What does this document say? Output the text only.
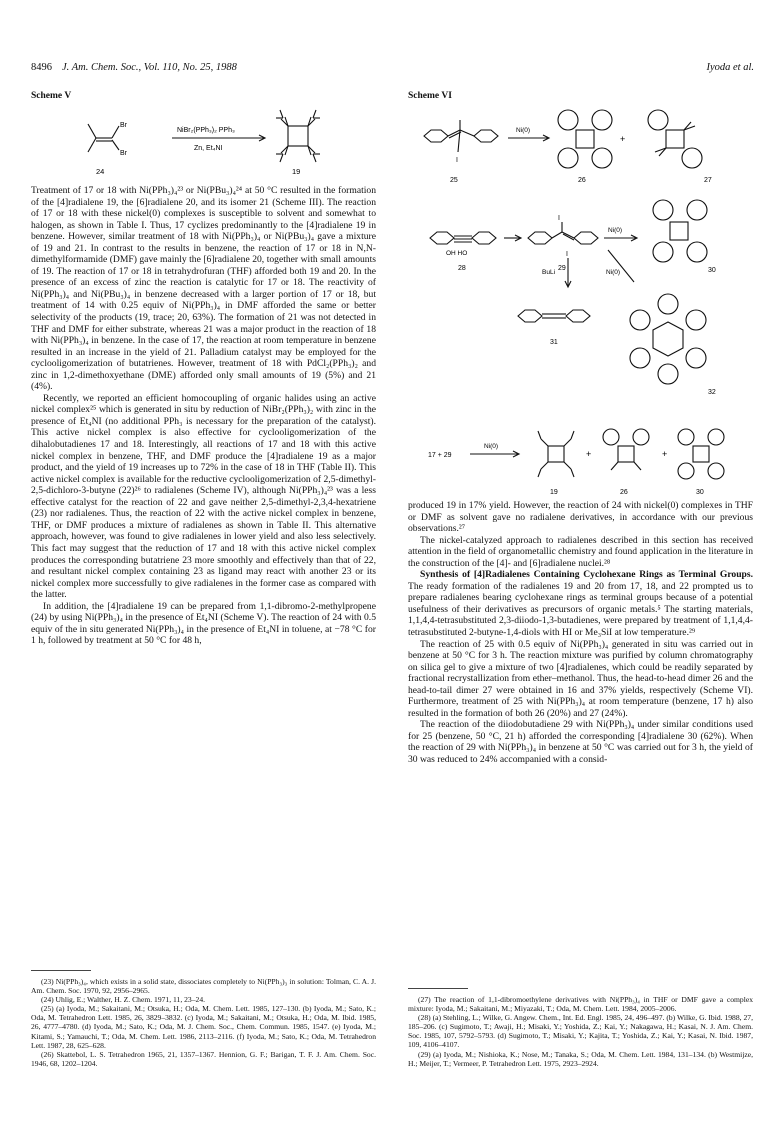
8496 J. Am. Chem. Soc., Vol. 110, No. 25, 1988	Iyoda et al.
Scheme V
Br
Br
NiBr₂(PPh₃)₂ PPh₃
Zn, Et₄NI
24	19

Treatment of 17 or 18 with Ni(PPh₃)₄²³ or Ni(PBu₃)₄²⁴ at 50 °C resulted in the formation of the [4]radialene 19, the [6]radialene 20, and its isomer 21 (Scheme III). The reaction of 17 or 18 with these nickel(0) complexes is susceptible to solvent and somewhat to halogen, as shown in Table I. Thus, 17 cyclizes predominantly to the [4]radialene 19 in benzene. However, similar treatment of 18 with Ni(PPh₃)₄ or Ni(PBu₃)₄ gave a mixture of 19 and 21. In contrast to the results in benzene, the reaction of 17 or 18 in N,N-dimethylformamide (DMF) gave mainly the [6]radialene 20, together with small amounts of 19. The reaction of 17 or 18 in tetrahydrofuran (THF) afforded both 19 and 20. In the presence of an excess of zinc the reaction is catalytic for 17 or 18. The reactivity of Ni(PPh₃)₄ and Ni(PBu₃)₄ in benzene decreased with a larger portion of 17 or 18, but treatment of 14 with 0.25 equiv of Ni(PPh₃)₄ in DMF afforded the same or better selectivity of the products (19, trace; 20, 63%). The formation of 21 was not detected in THF and DMF for either substrate, whereas 21 was a major product in the reaction of 18 with Ni(PPh₃)₄ in benzene. In the case of 17, the reaction at room temperature in benzene resulted in an increase in the yield of 21. Palladium catalyst may be employed for the cyclooligomerization of butatrienes. However, treatment of 18 with PdCl₂(PPh₃)₂ and zinc in 1,2-dimethoxyethane (DME) afforded only small amounts of 19 (5%) and 21 (4%).

Recently, we reported an efficient homocoupling of organic halides using an active nickel complex²⁵ which is generated in situ by reduction of NiBr₂(PPh₃)₂ with zinc in the presence of Et₄NI (no additional PPh₃ is necessary for the preparation of the catalyst). This active nickel complex is also effective for cyclooligomerization of the dihalobutadienes 17 and 18. Interestingly, all reactions of 17 and 18 with this active nickel complex in benzene, THF, and DMF produce the [4]radialene 19 as a major product, and the yield of 19 increases up to 72% in the case of 18 in THF (Table II). This active nickel complex is available for the reductive cyclooligomerization of 2,5-dimethyl-2,5-dichloro-3-butyne (22)²⁶ to radialenes (Scheme IV), although Ni(PPh₃)₄²³ was a less effective catalyst for the reaction of 22 and gave neither 2,5-dimethyl-2,3,4-hexatriene (23) nor radialenes. Thus, the reaction of 22 with the active nickel complex in benzene, THF, or DMF produces a mixture of radialenes as shown in Table II. This alternative approach, however, was found to give radialenes in lower yield and also less selectively. This fact may suggest that the reduction of 17 and 18 with this active nickel complex produces the corresponding butatriene 23 more smoothly and effectively than that of 22, and resultant nickel complex containing 23 as ligand may react with another 23 or its nickel complex more successfully to give radialenes in the former case as compared with the latter.

In addition, the [4]radialene 19 can be prepared from 1,1-dibromo-2-methylpropene (24) by using Ni(PPh₃)₄ in the presence of Et₄NI (Scheme V). The reaction of 24 with 0.5 equiv of the in situ generated Ni(PPh₃)₄ in the presence of Et₄NI in toluene, at −78 °C for 1 h, followed by treatment at 50 °C for 48 h,

(23) Ni(PPh₃)₄, which exists in a solid state, dissociates completely to Ni(PPh₃)₃ in solution: Tolman, C. A. J. Am. Chem. Soc. 1970, 92, 2956–2965.

(24) Uhlig, E.; Walther, H. Z. Chem. 1971, 11, 23–24.

(25) (a) Iyoda, M.; Sakaitani, M.; Otsuka, H.; Oda, M. Chem. Lett. 1985, 127–130. (b) Iyoda, M.; Sato, K.; Oda, M. Tetrahedron Lett. 1985, 26, 3829–3832. (c) Iyoda, M.; Sakaitani, M.; Otsuka, H.; Oda, M. Ibid. 1985, 26, 4777–4780. (d) Iyoda, M.; Sato, K.; Oda, M. J. Chem. Soc., Chem. Commun. 1985, 1547. (e) Iyoda, M.; Kitami, S.; Yamauchi, T.; Oda, M. Chem. Lett. 1986, 2113–2116. (f) Iyoda, M.; Sato, K.; Oda, M. Tetrahedron Lett. 1987, 28, 625–628.

(26) Skattebol, L. S. Tetrahedron 1965, 21, 1357–1367. Hennion, G. F.; Barigan, T. F. J. Am. Chem. Soc. 1946, 68, 1202–1204.

Scheme VI
I
Ni(0)
+
25	26	27
OH HO
I
I
Ni(0)
28	29	30
BuLi	Ni(0)
31
32
17 + 29
Ni(0)
+	+
19	26	30

produced 19 in 17% yield. However, the reaction of 24 with nickel(0) complexes in THF or DMF as solvent gave no radialene derivatives, in accordance with our previous observations.²⁷

The nickel-catalyzed approach to radialenes described in this section has received attention in the field of organometallic chemistry and found application in the literature in the construction of the [4]- and [6]radialene nuclei.²⁸

Synthesis of [4]Radialenes Containing Cyclohexane Rings as Terminal Groups. The ready formation of the radialenes 19 and 20 from 17, 18, and 22 prompted us to prepare radialenes bearing cyclohexane rings as terminal groups because of a potential usefulness of their derivatives as precursors of organic metals.⁵ The starting materials, 1,1,4,4-tetrasubstituted 2,3-diiodo-1,3-butadienes, were prepared by treatment of 1,1,4,4-tetrasubstituted 2-butyne-1,4-diols with HI or Me₃SiI at low temperature.²⁹

The reaction of 25 with 0.5 equiv of Ni(PPh₃)₄ generated in situ was carried out in benzene at 50 °C for 3 h. The reaction mixture was purified by column chromatography on silica gel to give a mixture of two [4]radialenes, which could be readily separated by fractional recrystallization from ether–methanol. Thus, the head-to-head dimer 26 and the head-to-tail dimer 27 were obtained in 16 and 37% yields, respectively (Scheme VI). Furthermore, treatment of 25 with Ni(PPh₃)₄ at room temperature (benzene, 17 h) also resulted in the formation of both 26 (20%) and 27 (24%).

The reaction of the diiodobutadiene 29 with Ni(PPh₃)₄ under similar conditions used for 25 (benzene, 50 °C, 21 h) afforded the corresponding [4]radialene 30 (62%). When the reaction of 29 with Ni(PPh₃)₄ in benzene at 50 °C was carried out for 3 h, the yield of 30 was reduced to 24% accompanied with a consid-

(27) The reaction of 1,1-dibromoethylene derivatives with Ni(PPh₃)₄ in THF or DMF gave a complex mixture: Iyoda, M.; Sakaitani, M.; Miyazaki, T.; Oda, M. Chem. Lett. 1984, 2005–2006.

(28) (a) Stehling, L.; Wilke, G. Angew. Chem., Int. Ed. Engl. 1985, 24, 496–497. (b) Wilke, G. Ibid. 1988, 27, 185–206. (c) Sugimoto, T.; Awaji, H.; Misaki, Y.; Yoshida, Z.; Kai, Y.; Nakagawa, H.; Kasai, N. J. Am. Chem. Soc. 1985, 107, 5792–5793. (d) Sugimoto, T.; Misaki, Y.; Kajita, T.; Yoshida, Z.; Kai, Y.; Kasai, N. Ibid. 1987, 109, 4106–4107.

(29) (a) Iyoda, M.; Nishioka, K.; Nose, M.; Tanaka, S.; Oda, M. Chem. Lett. 1984, 131–134. (b) Westmijze, H.; Meijer, T.; Vermeer, P. Tetrahedron Lett. 1975, 2923–2924.
